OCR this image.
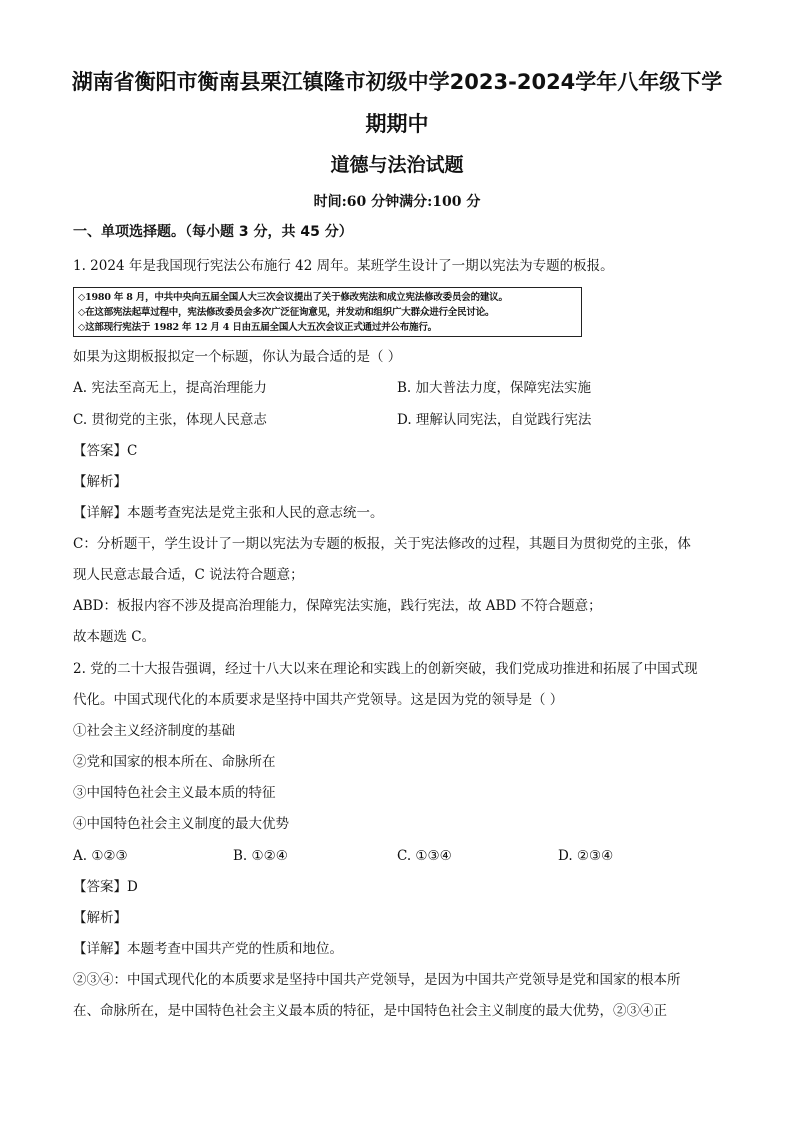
湖南省衡阳市衡南县栗江镇隆市初级中学2023-2024学年八年级下学
期期中
道德与法治试题
时间:60 分钟满分:100 分
一、单项选择题。（每小题 3 分，共 45 分）
1. 2024 年是我国现行宪法公布施行 42 周年。某班学生设计了一期以宪法为专题的板报。
◇1980 年 8 月，中共中央向五届全国人大三次会议提出了关于修改宪法和成立宪法修改委员会的建议。
◇在这部宪法起草过程中，宪法修改委员会多次广泛征询意见，并发动和组织广大群众进行全民讨论。
◇这部现行宪法于 1982 年 12 月 4 日由五届全国人大五次会议正式通过并公布施行。
如果为这期板报拟定一个标题，你认为最合适的是（ ）
A. 宪法至高无上，提高治理能力	B. 加大普法力度，保障宪法实施
C. 贯彻党的主张，体现人民意志	D. 理解认同宪法，自觉践行宪法
【答案】C
【解析】
【详解】本题考查宪法是党主张和人民的意志统一。
C：分析题干，学生设计了一期以宪法为专题的板报，关于宪法修改的过程，其题目为贯彻党的主张，体
现人民意志最合适，C 说法符合题意；
ABD：板报内容不涉及提高治理能力，保障宪法实施，践行宪法，故 ABD 不符合题意；
故本题选 C。
2. 党的二十大报告强调，经过十八大以来在理论和实践上的创新突破，我们党成功推进和拓展了中国式现
代化。中国式现代化的本质要求是坚持中国共产党领导。这是因为党的领导是（ ）
①社会主义经济制度的基础
②党和国家的根本所在、命脉所在
③中国特色社会主义最本质的特征
④中国特色社会主义制度的最大优势
A. ①②③	B. ①②④	C. ①③④	D. ②③④
【答案】D
【解析】
【详解】本题考查中国共产党的性质和地位。
②③④：中国式现代化的本质要求是坚持中国共产党领导，是因为中国共产党领导是党和国家的根本所
在、命脉所在，是中国特色社会主义最本质的特征，是中国特色社会主义制度的最大优势，②③④正
